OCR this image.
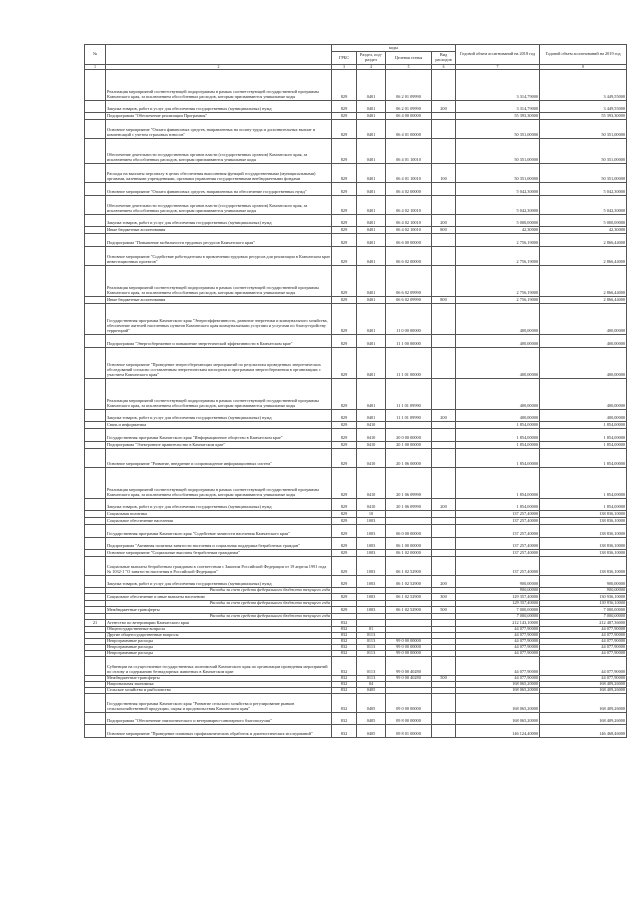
№		коды				Годовой объем ассигнований на 2018 год	Годовой объем ассигнований на 2019 год
		ГРБС	Раздел, под-раздел	Целевая статья	Вид расходов		
1	2	3	4	5	6	7	8
	Реализация мероприятий соответствующей подпрограммы в рамках соответствующей государственной программы Камчатского края, за исключением обособленных расходов, которым присваиваются уникальные коды	829	0401	06 2 01 09990		3 314,79000	3 449,55000
	Закупка товаров, работ и услуг для обеспечения государственных (муниципальных) нужд	829	0401	06 2 01 09990	200	3 314,79000	3 449,55000
	Подпрограмма "Обеспечение реализации Программы"	829	0401	06 4 00 00000		55 393,30000	55 393,30000
	Основное мероприятие "Оплата финансовых средств, направленных на оплату труда и дополнительных выплат и компенсаций с учетом страховых взносов"	829	0401	06 4 01 00000		50 351,00000	50 351,00000
	Обеспечение деятельности государственных органов власти (государственных органов) Камчатского края, за исключением обособленных расходов, которым присваиваются уникальные коды	829	0401	06 4 01 10010		50 351,00000	50 351,00000
	Расходы на выплаты персоналу в целях обеспечения выполнения функций государственными (муниципальными) органами, казенными учреждениями, органами управления государственными внебюджетными фондами	829	0401	06 4 01 10010	100	50 351,00000	50 351,00000
	Основное мероприятие "Оплата финансовых средств, направленных на обеспечение государственных нужд"	829	0401	06 4 02 00000		5 042,30000	5 042,30000
	Обеспечение деятельности государственных органов власти (государственных органов) Камчатского края, за исключением обособленных расходов, которым присваиваются уникальные коды	829	0401	06 4 02 10010		5 042,30000	5 042,30000
	Закупка товаров, работ и услуг для обеспечения государственных (муниципальных) нужд	829	0401	06 4 02 10010	200	5 000,00000	5 000,00000
	Иные бюджетные ассигнования	829	0401	06 4 02 10010	800	42,30000	42,30000
	Подпрограмма "Повышение мобильности трудовых ресурсов Камчатского края"	829	0401	06 6 00 00000		2 756,19000	2 866,44000
	Основное мероприятие "Содействие работодателям в привлечении трудовых ресурсов для реализации в Камчатском крае инвестиционных проектов"	829	0401	06 6 02 00000		2 756,19000	2 866,44000
	Реализация мероприятий соответствующей подпрограммы в рамках соответствующей государственной программы Камчатского края, за исключением обособленных расходов, которым присваиваются уникальные коды	829	0401	06 6 02 09990		2 756,19000	2 866,44000
	Иные бюджетные ассигнования	829	0401	06 6 02 09990	800	2 756,19000	2 866,44000
	Государственная программа Камчатского края "Энергоэффективность, развитие энергетики и коммунального хозяйства, обеспечение жителей населенных пунктов Камчатского края коммунальными услугами и услугами по благоустройству территорий"	829	0401	11 0 00 00000		400,00000	400,00000
	Подпрограмма "Энергосбережение и повышение энергетической эффективности в Камчатском крае"	829	0401	11 1 00 00000		400,00000	400,00000
	Основное мероприятие "Проведение энергосберегающих мероприятий по результатам проведенных энергетических обследований согласно составленным энергетическим паспортам и программам энергосбережения в организациях с участием Камчатского края"	829	0401	11 1 01 00000		400,00000	400,00000
	Реализация мероприятий соответствующей подпрограммы в рамках соответствующей государственной программы Камчатского края, за исключением обособленных расходов, которым присваиваются уникальные коды	829	0401	11 1 01 09990		400,00000	400,00000
	Закупка товаров, работ и услуг для обеспечения государственных (муниципальных) нужд	829	0401	11 1 01 09990	200	400,00000	400,00000
	Связь и информатика	829	0410			1 854,00000	1 854,00000
	Государственная программа Камчатского края "Информационное общество в Камчатском крае"	829	0410	20 0 00 00000		1 854,00000	1 854,00000
	Подпрограмма "Электронное правительство в Камчатском крае"	829	0410	20 1 00 00000		1 854,00000	1 854,00000
	Основное мероприятие "Развитие, внедрение и сопровождение информационных систем"	829	0410	20 1 06 00000		1 854,00000	1 854,00000
	Реализация мероприятий соответствующей подпрограммы в рамках соответствующей государственной программы Камчатского края, за исключением обособленных расходов, которым присваиваются уникальные коды	829	0410	20 1 06 09990		1 854,00000	1 854,00000
	Закупка товаров, работ и услуг для обеспечения государственных (муниципальных) нужд	829	0410	20 1 06 09990	200	1 854,00000	1 854,00000
	Социальная политика	829	10			137 257,40000	138 836,10000
	Социальное обеспечение населения	829	1003			137 257,40000	138 836,10000
	Государственная программа Камчатского края "Содействие занятости населения Камчатского края"	829	1003	06 0 00 00000		137 257,40000	138 836,10000
	Подпрограмма "Активная политика занятости населения и социальная поддержка безработных граждан"	829	1003	06 1 00 00000		137 257,40000	138 836,10000
	Основное мероприятие "Социальные выплаты безработным гражданам"	829	1003	06 1 02 00000		137 257,40000	138 836,10000
	Социальные выплаты безработным гражданам в соответствии с Законом Российской Федерации от 19 апреля 1991 года № 1032-1 "О занятости населения в Российской Федерации"	829	1003	06 1 02 52900		137 257,40000	138 836,10000
	Закупка товаров, работ и услуг для обеспечения государственных (муниципальных) нужд	829	1003	06 1 02 52900	200	900,00000	900,00000
	Расходы за счет средств федерального бюджета текущего года					900,00000	900,00000
	Социальное обеспечение и иные выплаты населению	829	1003	06 1 02 52900	300	129 357,40000	130 936,10000
	Расходы за счет средств федерального бюджета текущего года					129 357,40000	130 936,10000
	Межбюджетные трансферты	829	1003	06 1 02 52900	500	7 000,00000	7 000,00000
	Расходы за счет средств федерального бюджета текущего года					7 000,00000	7 000,00000
21	Агентство по ветеринарии Камчатского края	832				212 143,10000	212 487,36000
	Общегосударственные вопросы	832	01			44 077,90000	44 077,90000
	Другие общегосударственные вопросы	832	0113			44 077,90000	44 077,90000
	Непрограммные расходы	832	0113	99 0 00 00000		44 077,90000	44 077,90000
	Непрограммные расходы	832	0113	99 0 00 00000		44 077,90000	44 077,90000
	Непрограммные расходы	832	0113	99 0 00 00000		44 077,90000	44 077,90000
	Субвенции на осуществление государственных полномочий Камчатского края по организации проведения мероприятий по отлову и содержанию безнадзорных животных в Камчатском крае	832	0113	99 0 00 40280		44 077,90000	44 077,90000
	Межбюджетные трансферты	832	0113	99 0 00 40280	500	44 077,90000	44 077,90000
	Национальная экономика	832	04			168 065,20000	168 409,26000
	Сельское хозяйство и рыболовство	832	0405			168 065,20000	168 409,26000
	Государственная программа Камчатского края "Развитие сельского хозяйства и регулирование рынков сельскохозяйственной продукции, сырья и продовольствия Камчатского края"	832	0405	09 0 00 00000		168 065,20000	168 409,26000
	Подпрограмма "Обеспечение эпизоотического и ветеринарно-санитарного благополучия"	832	0405	09 8 00 00000		168 065,20000	168 409,26000
	Основное мероприятие "Проведение плановых профилактических обработок и диагностических исследований"	832	0405	09 8 01 00000		146 124,40000	146 468,46000
